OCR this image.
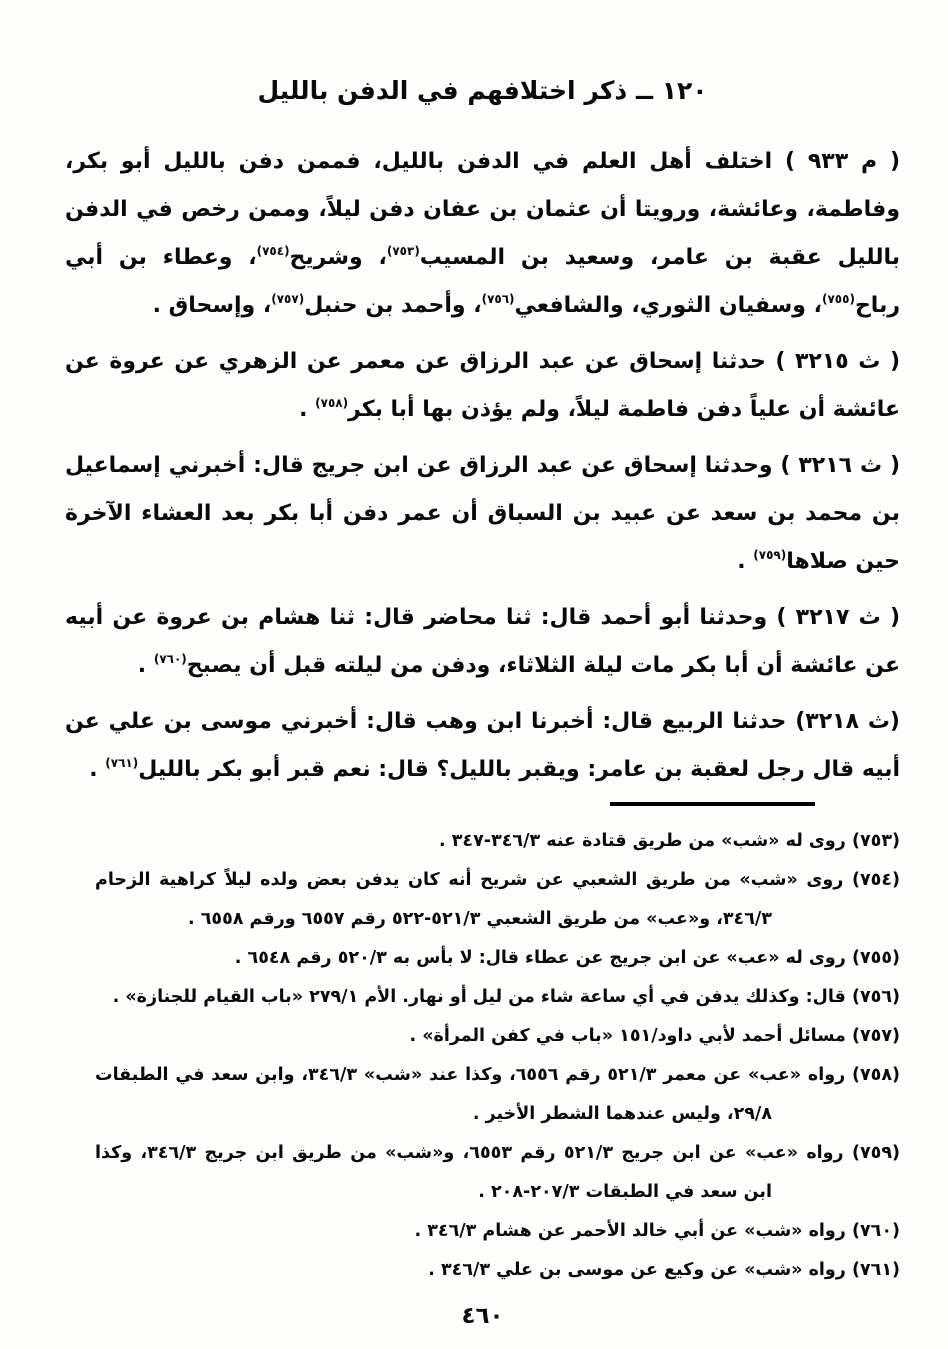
١٢٠ ــ ذكر اختلافهم في الدفن بالليل

( م ٩٣٣ ) اختلف أهل العلم في الدفن بالليل، فممن دفن بالليل أبو بكر، وفاطمة، وعائشة، ورويتا أن عثمان بن عفان دفن ليلاً، وممن رخص في الدفن بالليل عقبة بن عامر، وسعيد بن المسيب$^{(٧٥٣)}$، وشريح$^{(٧٥٤)}$، وعطاء بن أبي رباح$^{(٧٥٥)}$، وسفيان الثوري، والشافعي$^{(٧٥٦)}$، وأحمد بن حنبل$^{(٧٥٧)}$، وإسحاق .

( ث ٣٢١٥ ) حدثنا إسحاق عن عبد الرزاق عن معمر عن الزهري عن عروة عن عائشة أن علياً دفن فاطمة ليلاً، ولم يؤذن بها أبا بكر$^{(٧٥٨)}$ .

( ث ٣٢١٦ ) وحدثنا إسحاق عن عبد الرزاق عن ابن جريج قال: أخبرني إسماعيل بن محمد بن سعد عن عبيد بن السباق أن عمر دفن أبا بكر بعد العشاء الآخرة حين صلاها$^{(٧٥٩)}$ .

( ث ٣٢١٧ ) وحدثنا أبو أحمد قال: ثنا محاضر قال: ثنا هشام بن عروة عن أبيه عن عائشة أن أبا بكر مات ليلة الثلاثاء، ودفن من ليلته قبل أن يصبح$^{(٧٦٠)}$ .

(ث ٣٢١٨) حدثنا الربيع قال: أخبرنا ابن وهب قال: أخبرني موسى بن علي عن أبيه قال رجل لعقبة بن عامر: ويقبر بالليل؟ قال: نعم قبر أبو بكر بالليل$^{(٧٦١)}$ .

(٧٥٣) روى له «شب» من طريق قتادة عنه ٣٤٦/٣-٣٤٧ .
(٧٥٤) روى «شب» من طريق الشعبي عن شريح أنه كان يدفن بعض ولده ليلاً كراهية الزحام ٣٤٦/٣، و«عب» من طريق الشعبي ٥٢١/٣-٥٢٢ رقم ٦٥٥٧ ورقم ٦٥٥٨ .
(٧٥٥) روى له «عب» عن ابن جريج عن عطاء قال: لا بأس به ٥٢٠/٣ رقم ٦٥٤٨ .
(٧٥٦) قال: وكذلك يدفن في أي ساعة شاء من ليل أو نهار. الأم ٢٧٩/١ «باب القيام للجنازة» .
(٧٥٧) مسائل أحمد لأبي داود/١٥١ «باب في كفن المرأة» .
(٧٥٨) رواه «عب» عن معمر ٥٢١/٣ رقم ٦٥٥٦، وكذا عند «شب» ٣٤٦/٣، وابن سعد في الطبقات ٢٩/٨، وليس عندهما الشطر الأخير .
(٧٥٩) رواه «عب» عن ابن جريج ٥٢١/٣ رقم ٦٥٥٣، و«شب» من طريق ابن جريج ٣٤٦/٣، وكذا ابن سعد في الطبقات ٢٠٧/٣-٢٠٨ .
(٧٦٠) رواه «شب» عن أبي خالد الأحمر عن هشام ٣٤٦/٣ .
(٧٦١) رواه «شب» عن وكيع عن موسى بن علي ٣٤٦/٣ .
٤٦٠
